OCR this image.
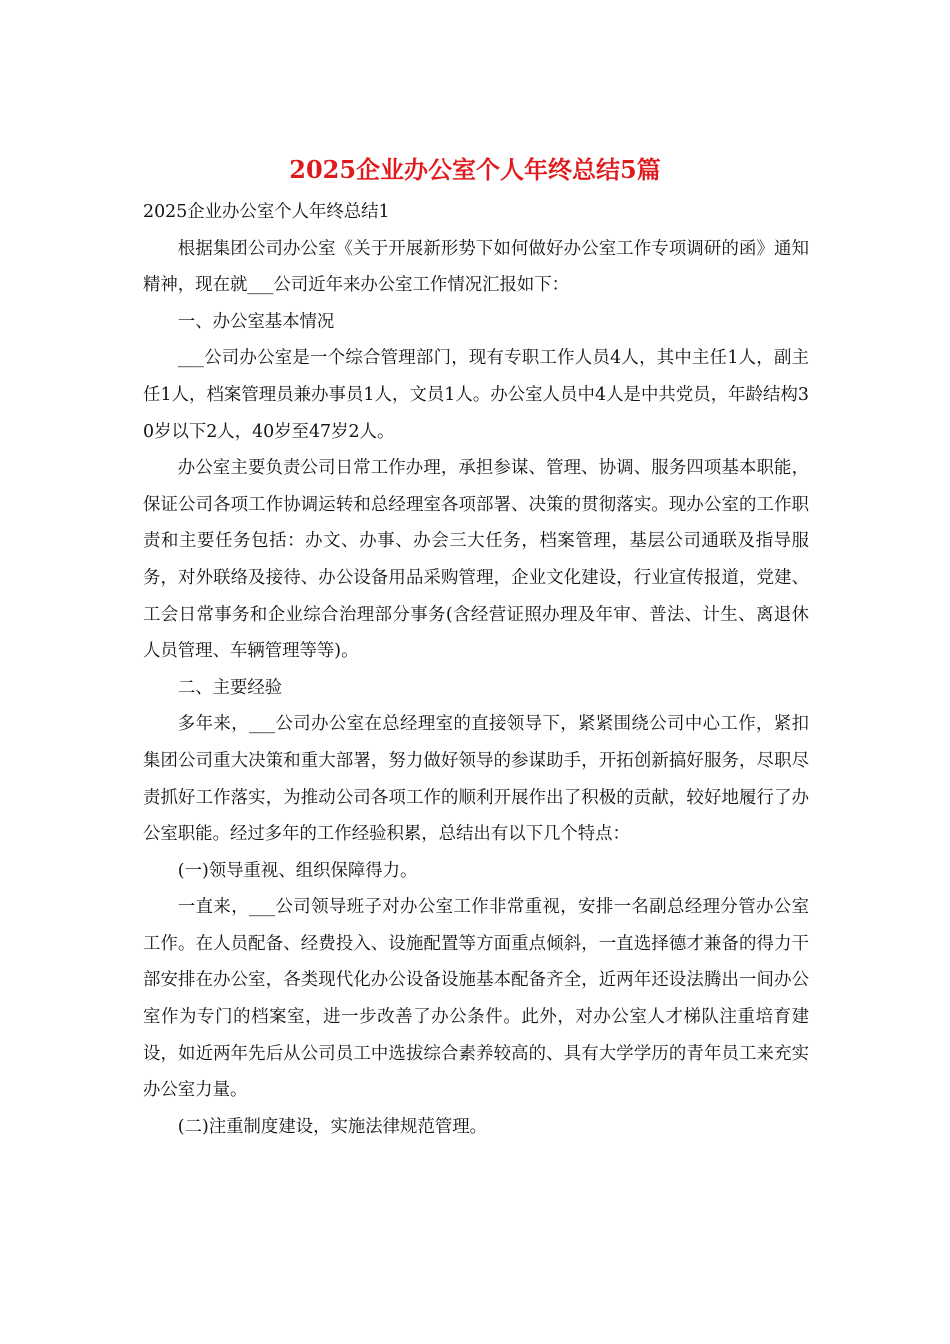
2025企业办公室个人年终总结5篇

2025企业办公室个人年终总结1

根据集团公司办公室《关于开展新形势下如何做好办公室工作专项调研的函》通知精神，现在就___公司近年来办公室工作情况汇报如下：

一、办公室基本情况

___公司办公室是一个综合管理部门，现有专职工作人员4人，其中主任1人，副主任1人，档案管理员兼办事员1人，文员1人。办公室人员中4人是中共党员，年龄结构30岁以下2人，40岁至47岁2人。

办公室主要负责公司日常工作办理，承担参谋、管理、协调、服务四项基本职能，保证公司各项工作协调运转和总经理室各项部署、决策的贯彻落实。现办公室的工作职责和主要任务包括：办文、办事、办会三大任务，档案管理，基层公司通联及指导服务，对外联络及接待、办公设备用品采购管理，企业文化建设，行业宣传报道，党建、工会日常事务和企业综合治理部分事务(含经营证照办理及年审、普法、计生、离退休人员管理、车辆管理等等)。

二、主要经验

多年来，___公司办公室在总经理室的直接领导下，紧紧围绕公司中心工作，紧扣集团公司重大决策和重大部署，努力做好领导的参谋助手，开拓创新搞好服务，尽职尽责抓好工作落实，为推动公司各项工作的顺利开展作出了积极的贡献，较好地履行了办公室职能。经过多年的工作经验积累，总结出有以下几个特点：

(一)领导重视、组织保障得力。

一直来，___公司领导班子对办公室工作非常重视，安排一名副总经理分管办公室工作。在人员配备、经费投入、设施配置等方面重点倾斜，一直选择德才兼备的得力干部安排在办公室，各类现代化办公设备设施基本配备齐全，近两年还设法腾出一间办公室作为专门的档案室，进一步改善了办公条件。此外，对办公室人才梯队注重培育建设，如近两年先后从公司员工中选拔综合素养较高的、具有大学学历的青年员工来充实办公室力量。

(二)注重制度建设，实施法律规范管理。
